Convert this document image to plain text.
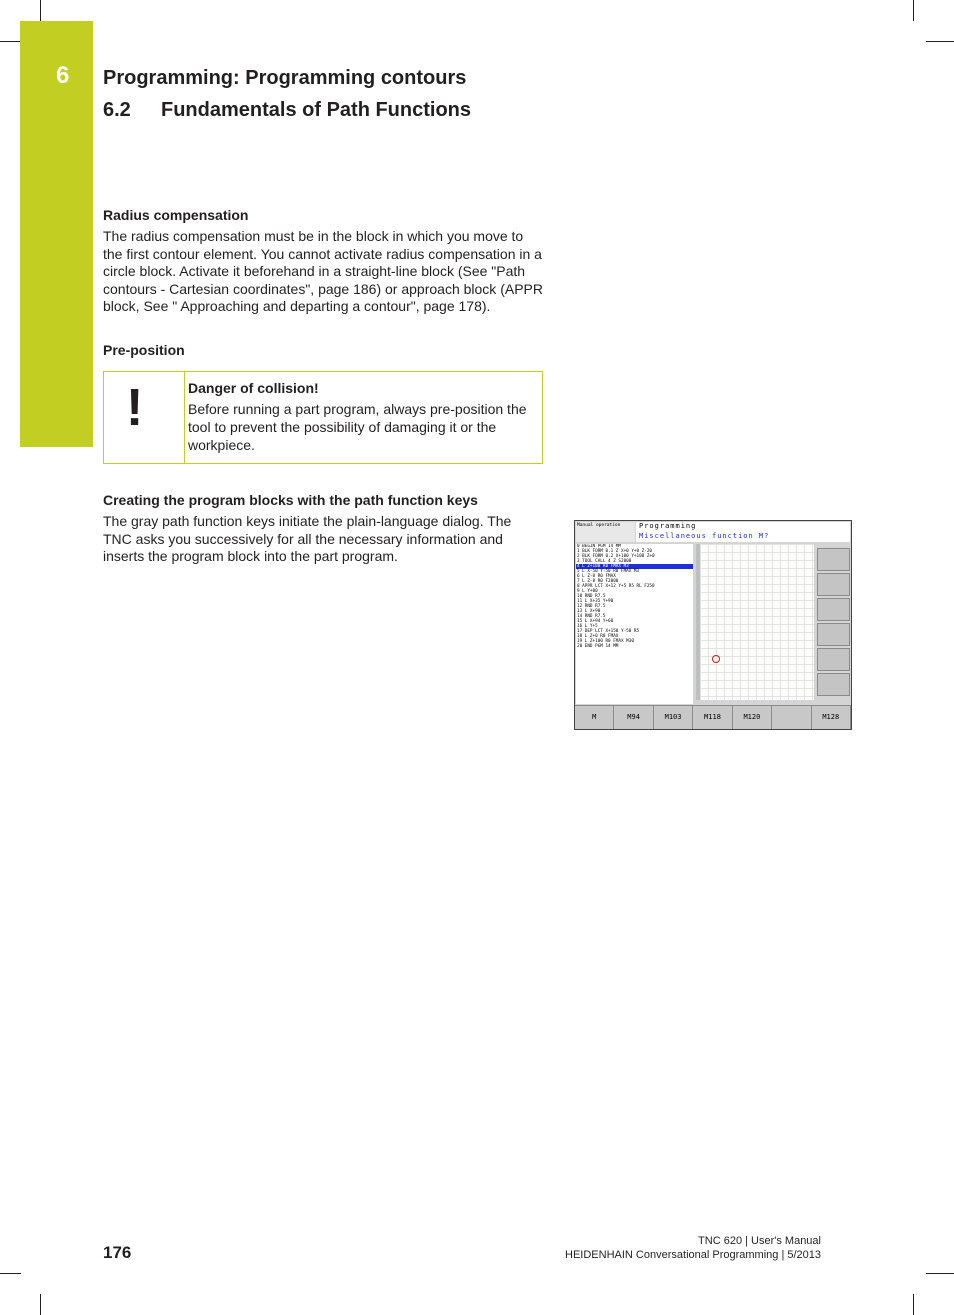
6 Programming: Programming contours
6.2 Fundamentals of Path Functions
Radius compensation
The radius compensation must be in the block in which you move to the first contour element. You cannot activate radius compensation in a circle block. Activate it beforehand in a straight-line block (See "Path contours - Cartesian coordinates", page 186) or approach block (APPR block, See " Approaching and departing a contour", page 178).
Pre-position
!	Danger of collision!
Before running a part program, always pre-position the tool to prevent the possibility of damaging it or the workpiece.
Creating the program blocks with the path function keys
The gray path function keys initiate the plain-language dialog. The TNC asks you successively for all the necessary information and inserts the program block into the part program.
Manual operation	Programming
Miscellaneous function M?
0 BEGIN PGM 14 MM
1 BLK FORM 0.1 Z X+0 Y+0 Z-20
2 BLK FORM 0.2 X+100 Y+100 Z+0
3 TOOL CALL 4 Z S2000
4 L Z+100 R0 FMAX M3
5 L X-50 Y-50 R0 FMAX M3
6 L Z-8 R0 FMAX
7 L Z-8 R0 F2000
8 APPR LCT X+12 Y+5 R5 RL F250
9 L Y+80
10 RND R7.5
11 L X+35 Y+90
12 RND R7.5
13 L X+90
14 RND R7.5
15 L X+94 Y+60
16 L Y+5
17 DEP LCT X+150 Y-50 R5
18 L Z+0 R0 FMAX
19 L Z+100 R0 FMAX M30
20 END PGM 14 MM
M	M94	M103	M118	M120	M128
176
TNC 620 | User's Manual
HEIDENHAIN Conversational Programming | 5/2013
